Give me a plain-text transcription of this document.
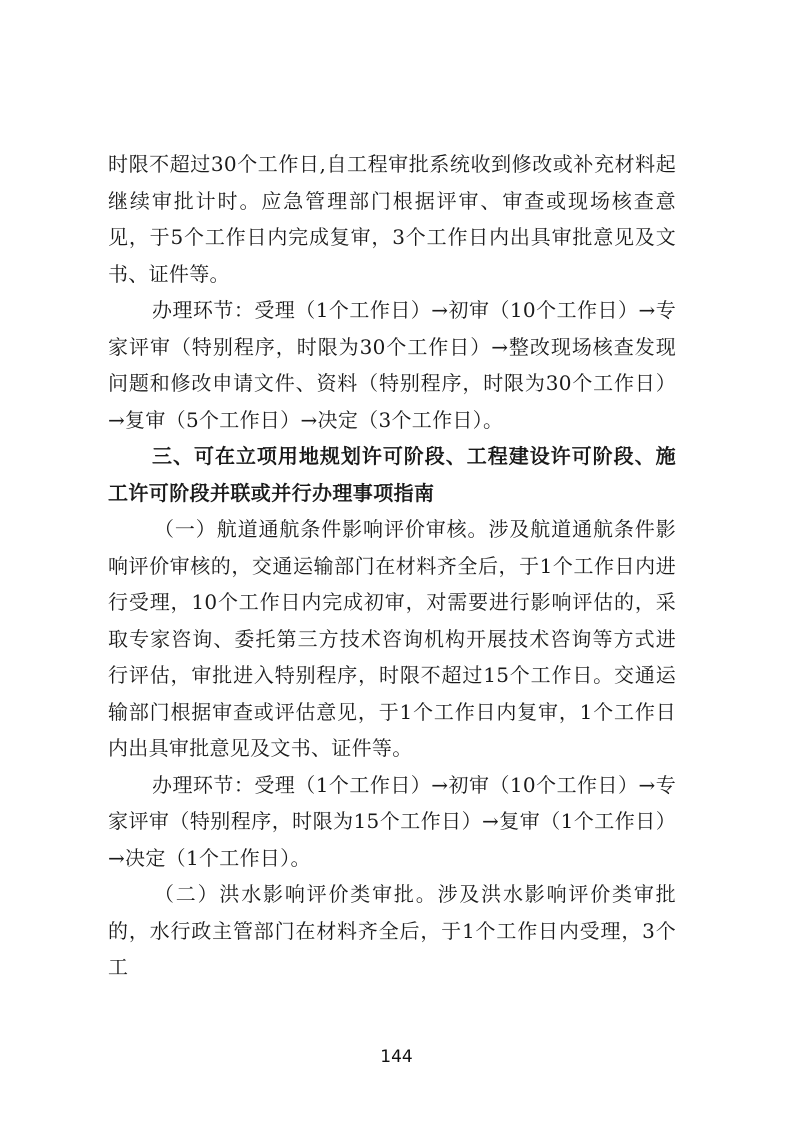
时限不超过30个工作日,自工程审批系统收到修改或补充材料起继续审批计时。应急管理部门根据评审、审查或现场核查意见，于5个工作日内完成复审，3个工作日内出具审批意见及文书、证件等。

办理环节：受理（1个工作日）→初审（10个工作日）→专家评审（特别程序，时限为30个工作日）→整改现场核查发现问题和修改申请文件、资料（特别程序，时限为30个工作日）→复审（5个工作日）→决定（3个工作日）。

三、可在立项用地规划许可阶段、工程建设许可阶段、施工许可阶段并联或并行办理事项指南

（一）航道通航条件影响评价审核。涉及航道通航条件影响评价审核的，交通运输部门在材料齐全后，于1个工作日内进行受理，10个工作日内完成初审，对需要进行影响评估的，采取专家咨询、委托第三方技术咨询机构开展技术咨询等方式进行评估，审批进入特别程序，时限不超过15个工作日。交通运输部门根据审查或评估意见，于1个工作日内复审，1个工作日内出具审批意见及文书、证件等。

办理环节：受理（1个工作日）→初审（10个工作日）→专家评审（特别程序，时限为15个工作日）→复审（1个工作日）→决定（1个工作日）。

（二）洪水影响评价类审批。涉及洪水影响评价类审批的，水行政主管部门在材料齐全后，于1个工作日内受理，3个工

144
